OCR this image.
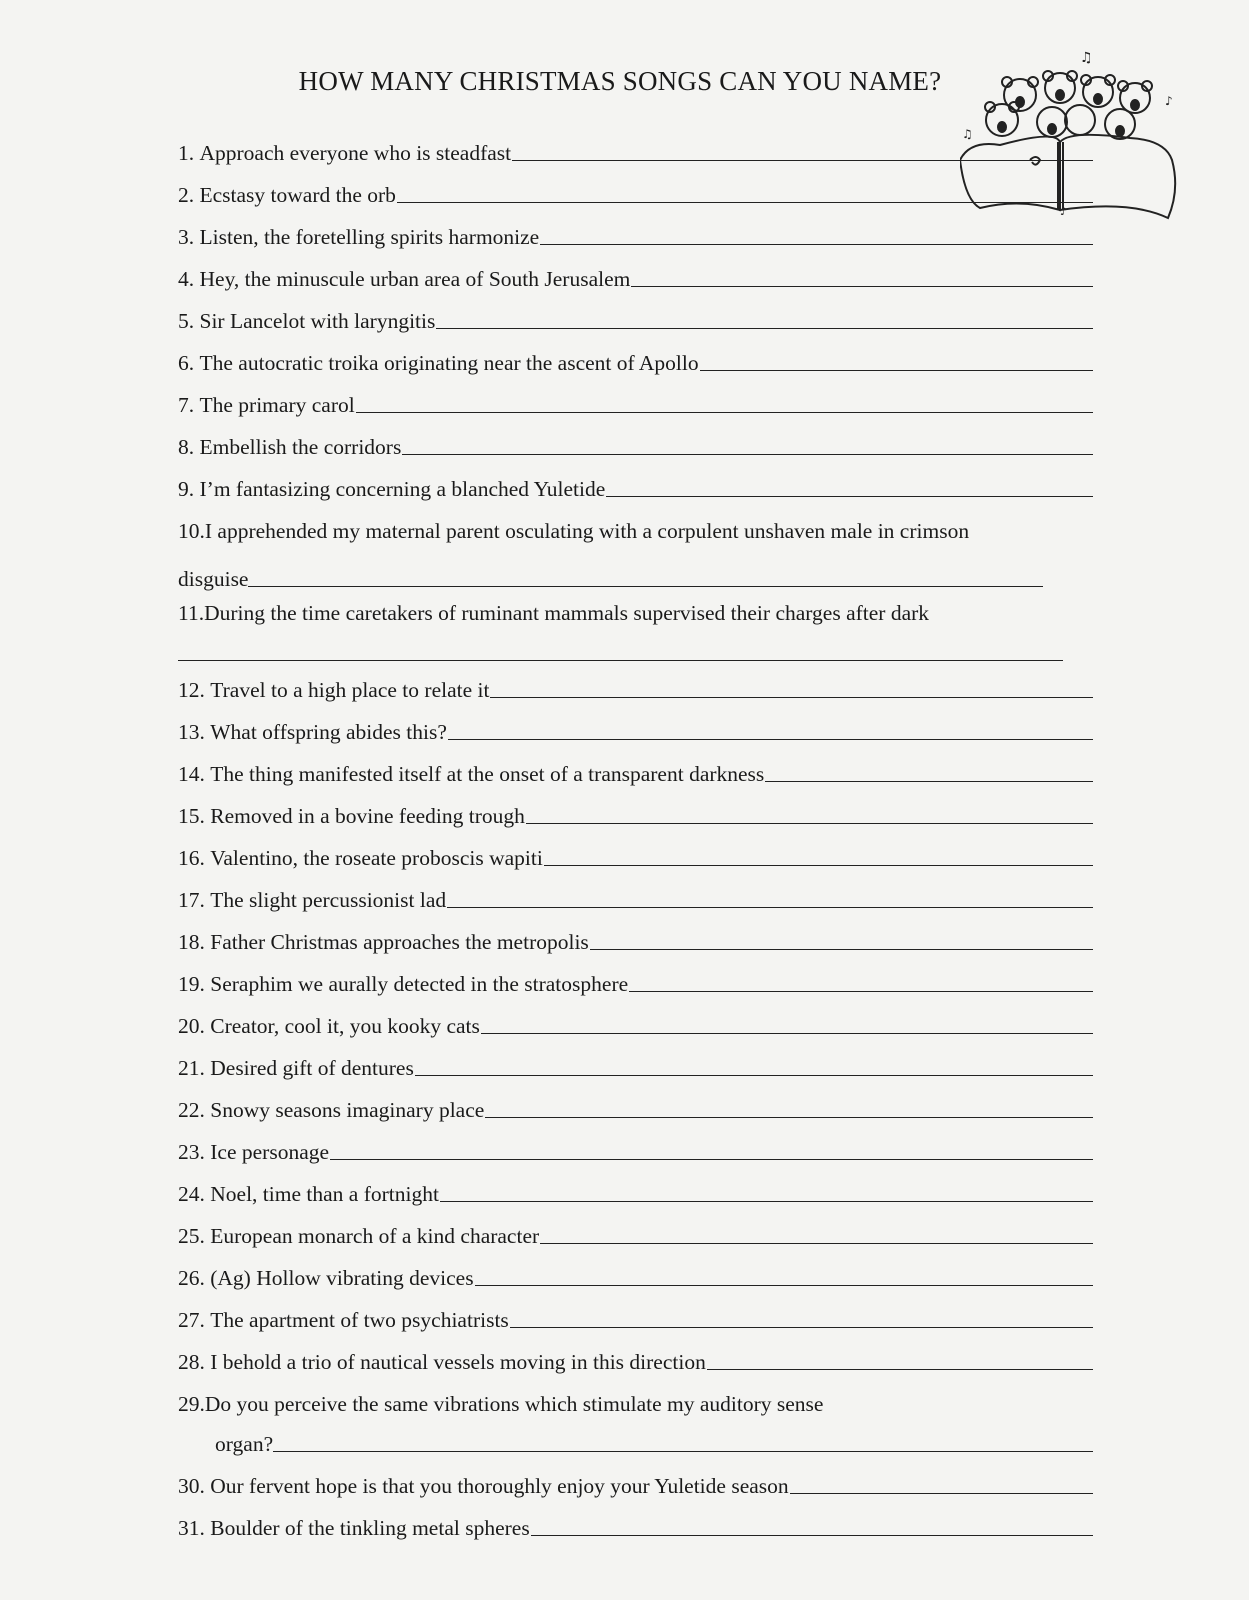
HOW MANY CHRISTMAS SONGS CAN YOU NAME?
♫
♪
♫
♪
1.
Approach everyone who is steadfast
2.
Ecstasy toward the orb
3.
Listen, the foretelling spirits harmonize
4.
Hey, the minuscule urban area of South Jerusalem
5.
Sir Lancelot with laryngitis
6.
The autocratic troika originating near the ascent of Apollo
7.
The primary carol
8.
Embellish the corridors
9.
I’m fantasizing concerning a blanched Yuletide
10. I apprehended my maternal parent osculating with a corpulent unshaven male in crimson
disguise
11. During the time caretakers of ruminant mammals supervised their charges after dark
12.
Travel to a high place to relate it
13.
What offspring abides this?
14.
The thing manifested itself at the onset of a transparent darkness
15.
Removed in a bovine feeding trough
16.
Valentino, the roseate proboscis wapiti
17.
The slight percussionist lad
18.
Father Christmas approaches the metropolis
19.
Seraphim we aurally detected in the stratosphere
20.
Creator, cool it, you kooky cats
21.
Desired gift of dentures
22.
Snowy seasons imaginary place
23.
Ice personage
24.
Noel, time than a fortnight
25.
European monarch of a kind character
26.
(Ag) Hollow vibrating devices
27.
The apartment of two psychiatrists
28.
I behold a trio of nautical vessels moving in this direction
29. Do you perceive the same vibrations which stimulate my auditory sense
organ?
30.
Our fervent hope is that you thoroughly enjoy your Yuletide season
31.
Boulder of the tinkling metal spheres
